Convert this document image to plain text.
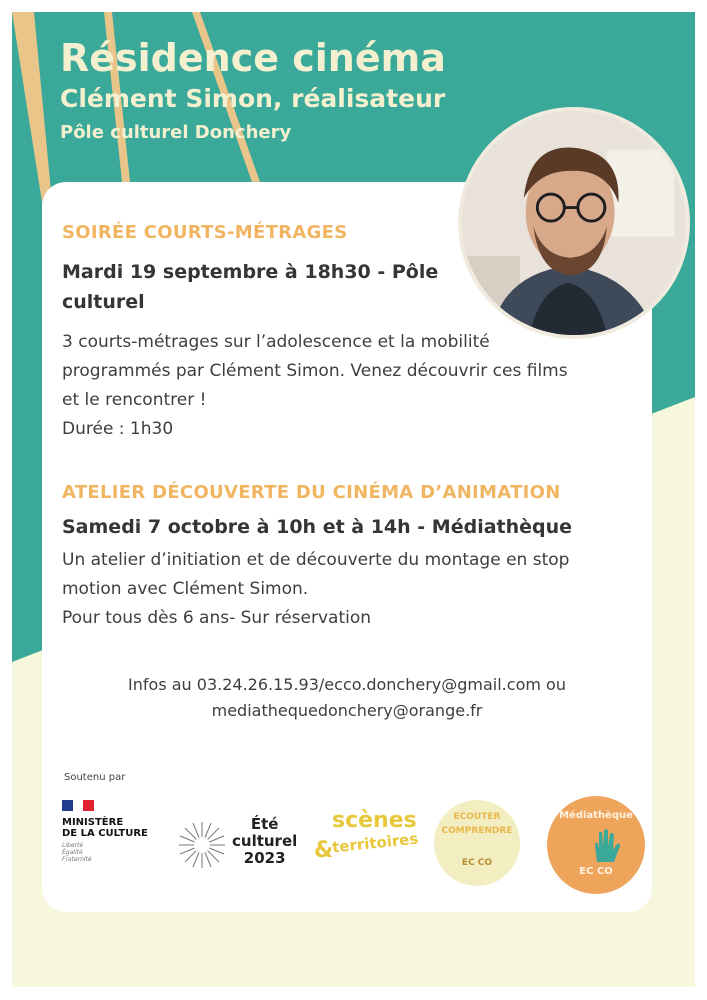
Résidence cinéma
Clément Simon, réalisateur
Pôle culturel Donchery
SOIRÉE COURTS-MÉTRAGES
Mardi 19 septembre à 18h30 - Pôle
culturel
3 courts-métrages sur l’adolescence et la mobilité
programmés par Clément Simon. Venez découvrir ces films
et le rencontrer !
Durée : 1h30
ATELIER DÉCOUVERTE DU CINÉMA D’ANIMATION
Samedi 7 octobre à 10h et à 14h - Médiathèque
Un atelier d’initiation et de découverte du montage en stop
motion avec Clément Simon.
Pour tous dès 6 ans- Sur réservation
Infos au 03.24.26.15.93/ecco.donchery@gmail.com ou
mediathequedonchery@orange.fr
Soutenu par
MINISTÈRE
DE LA CULTURE
Liberté
Égalité
Fraternité
Été
culturel
2023
scènes
&
territoires
ECOUTER
COMPRENDRE
EC CO
Médiathèque
EC CO
